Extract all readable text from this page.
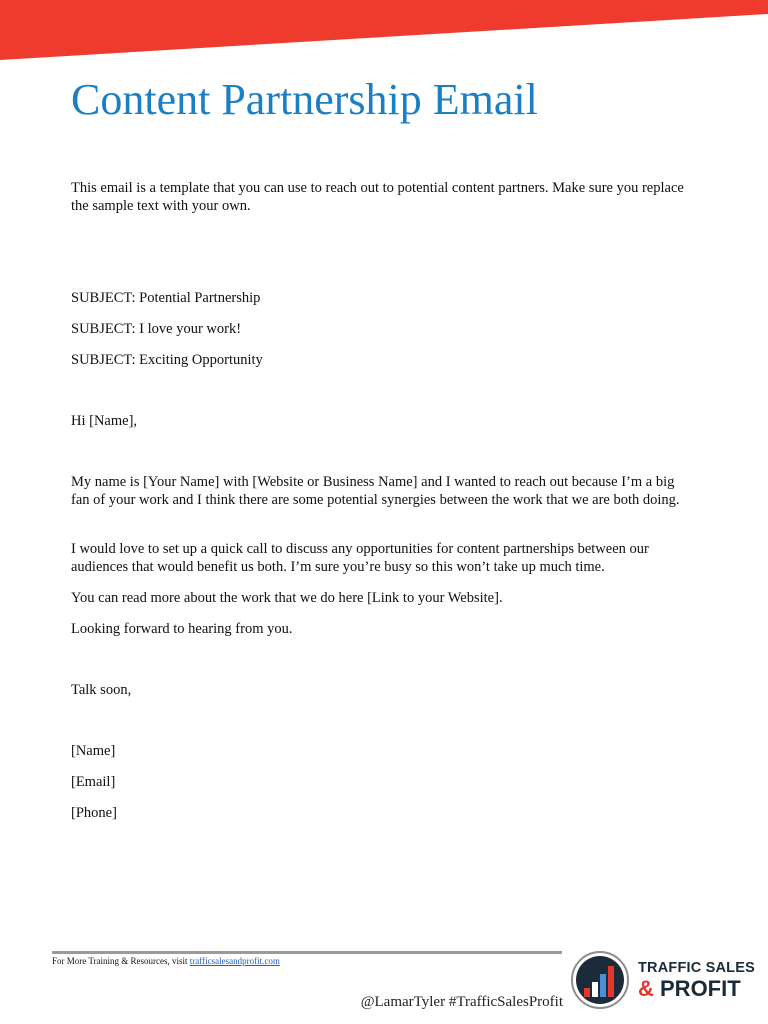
Content Partnership Email
This email is a template that you can use to reach out to potential content partners. Make sure you replace the sample text with your own.
SUBJECT: Potential Partnership
SUBJECT: I love your work!
SUBJECT: Exciting Opportunity
Hi [Name],
My name is [Your Name] with [Website or Business Name] and I wanted to reach out because I’m a big fan of your work and I think there are some potential synergies between the work that we are both doing.
I would love to set up a quick call to discuss any opportunities for content partnerships between our audiences that would benefit us both. I’m sure you’re busy so this won’t take up much time.
You can read more about the work that we do here [Link to your Website].
Looking forward to hearing from you.
Talk soon,
[Name]
[Email]
[Phone]
For More Training & Resources, visit trafficsalesandprofit.com
@LamarTyler #TrafficSalesProfit
TRAFFIC SALES
& PROFIT
